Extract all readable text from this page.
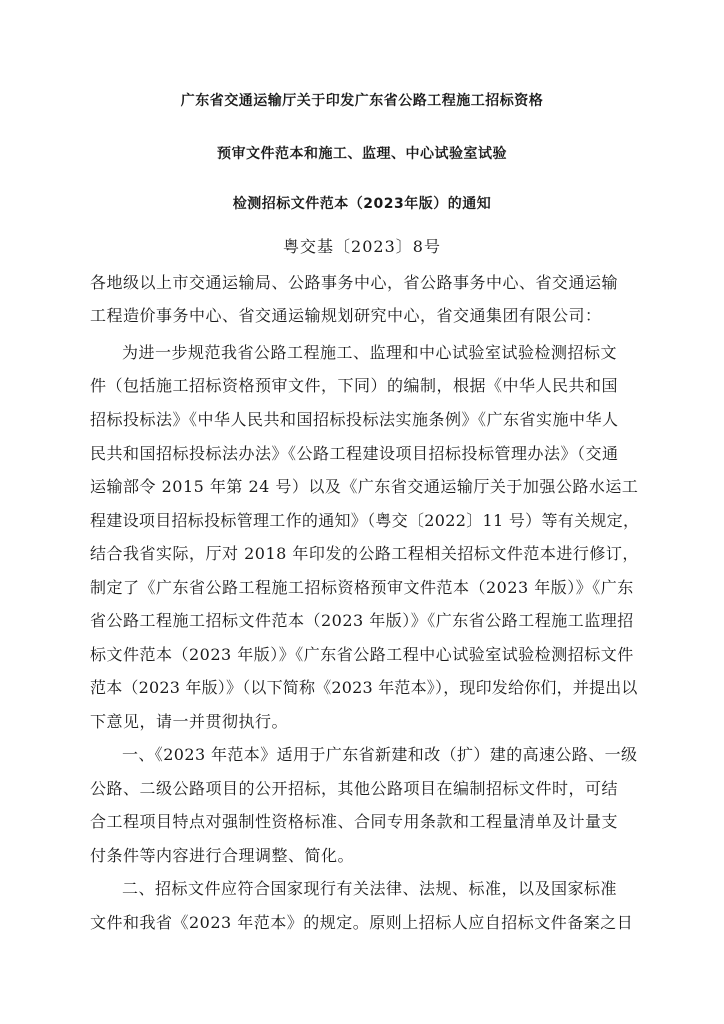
广东省交通运输厅关于印发广东省公路工程施工招标资格
预审文件范本和施工、监理、中心试验室试验
检测招标文件范本（2023年版）的通知
粤交基〔2023〕8号
各地级以上市交通运输局、公路事务中心，省公路事务中心、省交通运输
工程造价事务中心、省交通运输规划研究中心，省交通集团有限公司：
为进一步规范我省公路工程施工、监理和中心试验室试验检测招标文
件（包括施工招标资格预审文件，下同）的编制，根据《中华人民共和国
招标投标法》《中华人民共和国招标投标法实施条例》《广东省实施中华人
民共和国招标投标法办法》《公路工程建设项目招标投标管理办法》（交通
运输部令 2015 年第 24 号）以及《广东省交通运输厅关于加强公路水运工
程建设项目招标投标管理工作的通知》（粤交〔2022〕11 号）等有关规定，
结合我省实际，厅对 2018 年印发的公路工程相关招标文件范本进行修订，
制定了《广东省公路工程施工招标资格预审文件范本（2023 年版）》《广东
省公路工程施工招标文件范本（2023 年版）》《广东省公路工程施工监理招
标文件范本（2023 年版）》《广东省公路工程中心试验室试验检测招标文件
范本（2023 年版）》（以下简称《2023 年范本》），现印发给你们，并提出以
下意见，请一并贯彻执行。
一、《2023 年范本》适用于广东省新建和改（扩）建的高速公路、一级
公路、二级公路项目的公开招标，其他公路项目在编制招标文件时，可结
合工程项目特点对强制性资格标准、合同专用条款和工程量清单及计量支
付条件等内容进行合理调整、简化。
二、招标文件应符合国家现行有关法律、法规、标准，以及国家标准
文件和我省《2023 年范本》的规定。原则上招标人应自招标文件备案之日
